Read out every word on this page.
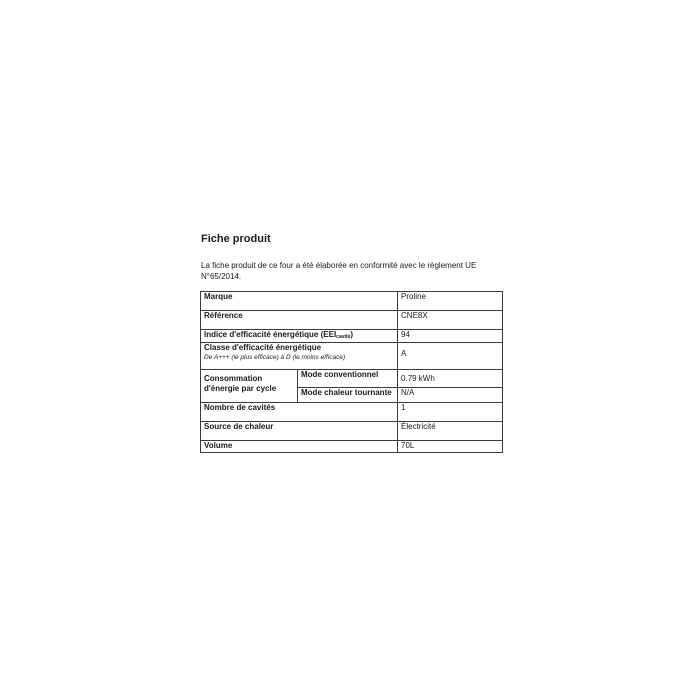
Fiche produit
La fiche produit de ce four a été élaborée en conformité avec le règlement UE N°65/2014.
Marque		Proline
Référence		CNE8X
Indice d'efficacité énergétique $(EEI_{cavité})$		94
Classe d'efficacité énergétique
De A+++ (le plus efficace) à D (le moins efficace)		A
Consommation d'énergie par cycle	Mode conventionnel	0.79 kWh
	Mode chaleur tournante	N/A
Nombre de cavités		1
Source de chaleur		Électricité
Volume		70L
